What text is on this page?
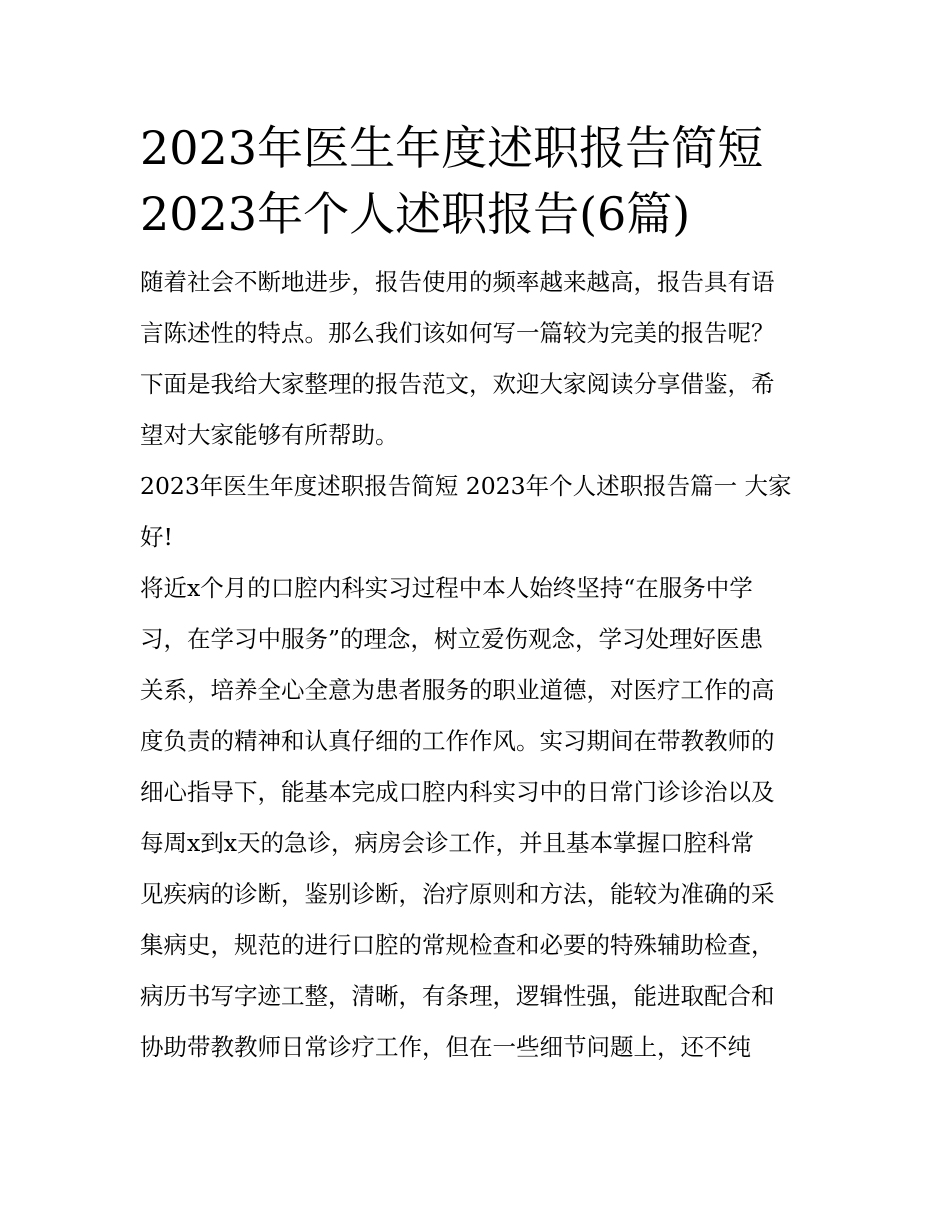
2023年医生年度述职报告简短
2023年个人述职报告(6篇)

随着社会不断地进步，报告使用的频率越来越高，报告具有语
言陈述性的特点。那么我们该如何写一篇较为完美的报告呢？
下面是我给大家整理的报告范文，欢迎大家阅读分享借鉴，希
望对大家能够有所帮助。

2023年医生年度述职报告简短 2023年个人述职报告篇一 大家
好!

将近x个月的口腔内科实习过程中本人始终坚持“在服务中学
习，在学习中服务”的理念，树立爱伤观念，学习处理好医患
关系，培养全心全意为患者服务的职业道德，对医疗工作的高
度负责的精神和认真仔细的工作作风。实习期间在带教教师的
细心指导下，能基本完成口腔内科实习中的日常门诊诊治以及
每周x到x天的急诊，病房会诊工作，并且基本掌握口腔科常
见疾病的诊断，鉴别诊断，治疗原则和方法，能较为准确的采
集病史，规范的进行口腔的常规检查和必要的特殊辅助检查，
病历书写字迹工整，清晰，有条理，逻辑性强，能进取配合和
协助带教教师日常诊疗工作，但在一些细节问题上，还不纯
